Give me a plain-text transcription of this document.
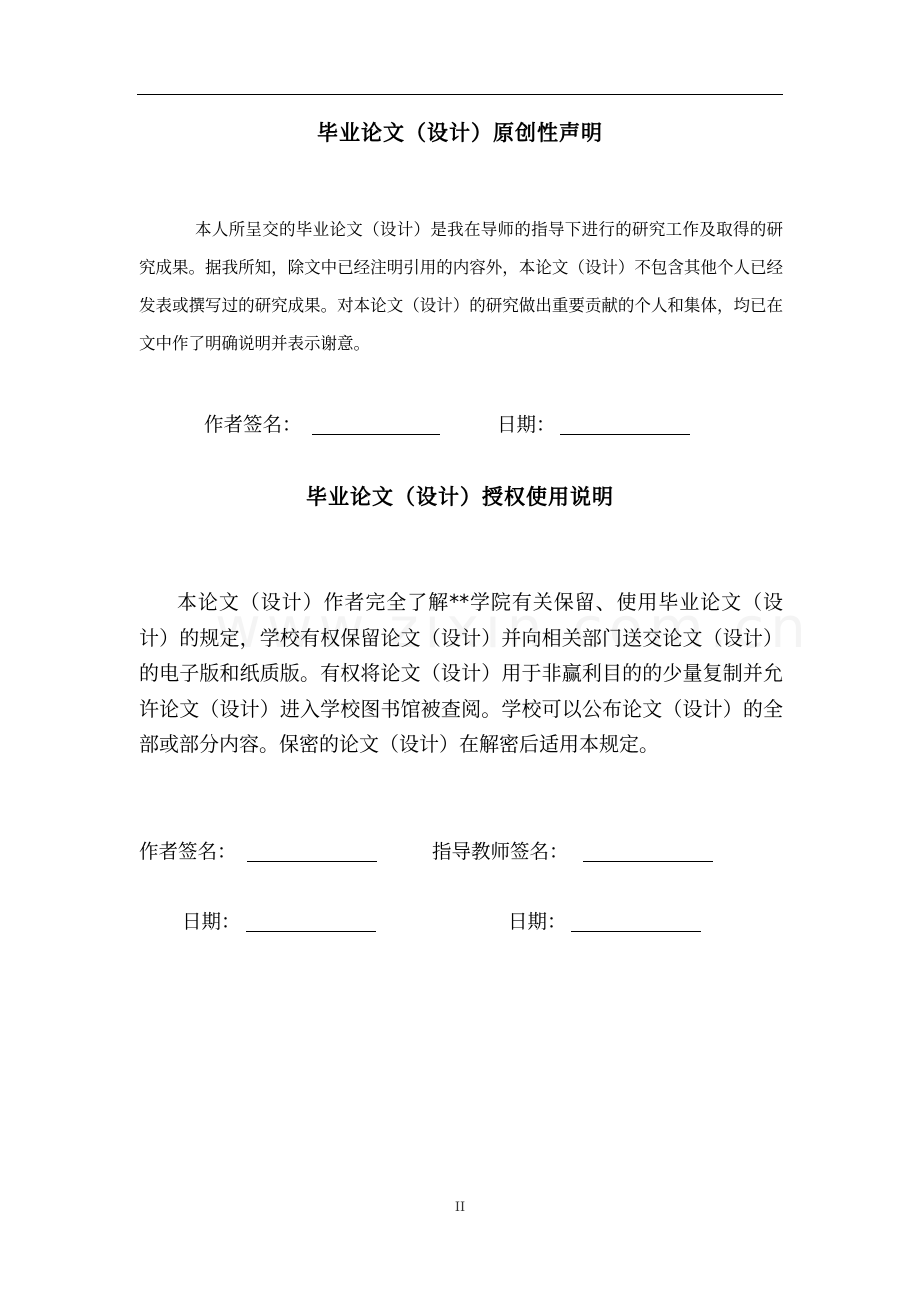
毕业论文（设计）原创性声明

本人所呈交的毕业论文（设计）是我在导师的指导下进行的研究工作及取得的研究成果。据我所知，除文中已经注明引用的内容外，本论文（设计）不包含其他个人已经发表或撰写过的研究成果。对本论文（设计）的研究做出重要贡献的个人和集体，均已在文中作了明确说明并表示谢意。

作者签名：	日期：
毕业论文（设计）授权使用说明

本论文（设计）作者完全了解**学院有关保留、使用毕业论文（设计）的规定，学校有权保留论文（设计）并向相关部门送交论文（设计）的电子版和纸质版。有权将论文（设计）用于非赢利目的的少量复制并允许论文（设计）进入学校图书馆被查阅。学校可以公布论文（设计）的全部或部分内容。保密的论文（设计）在解密后适用本规定。

作者签名：	指导教师签名：
日期：	日期：
II
